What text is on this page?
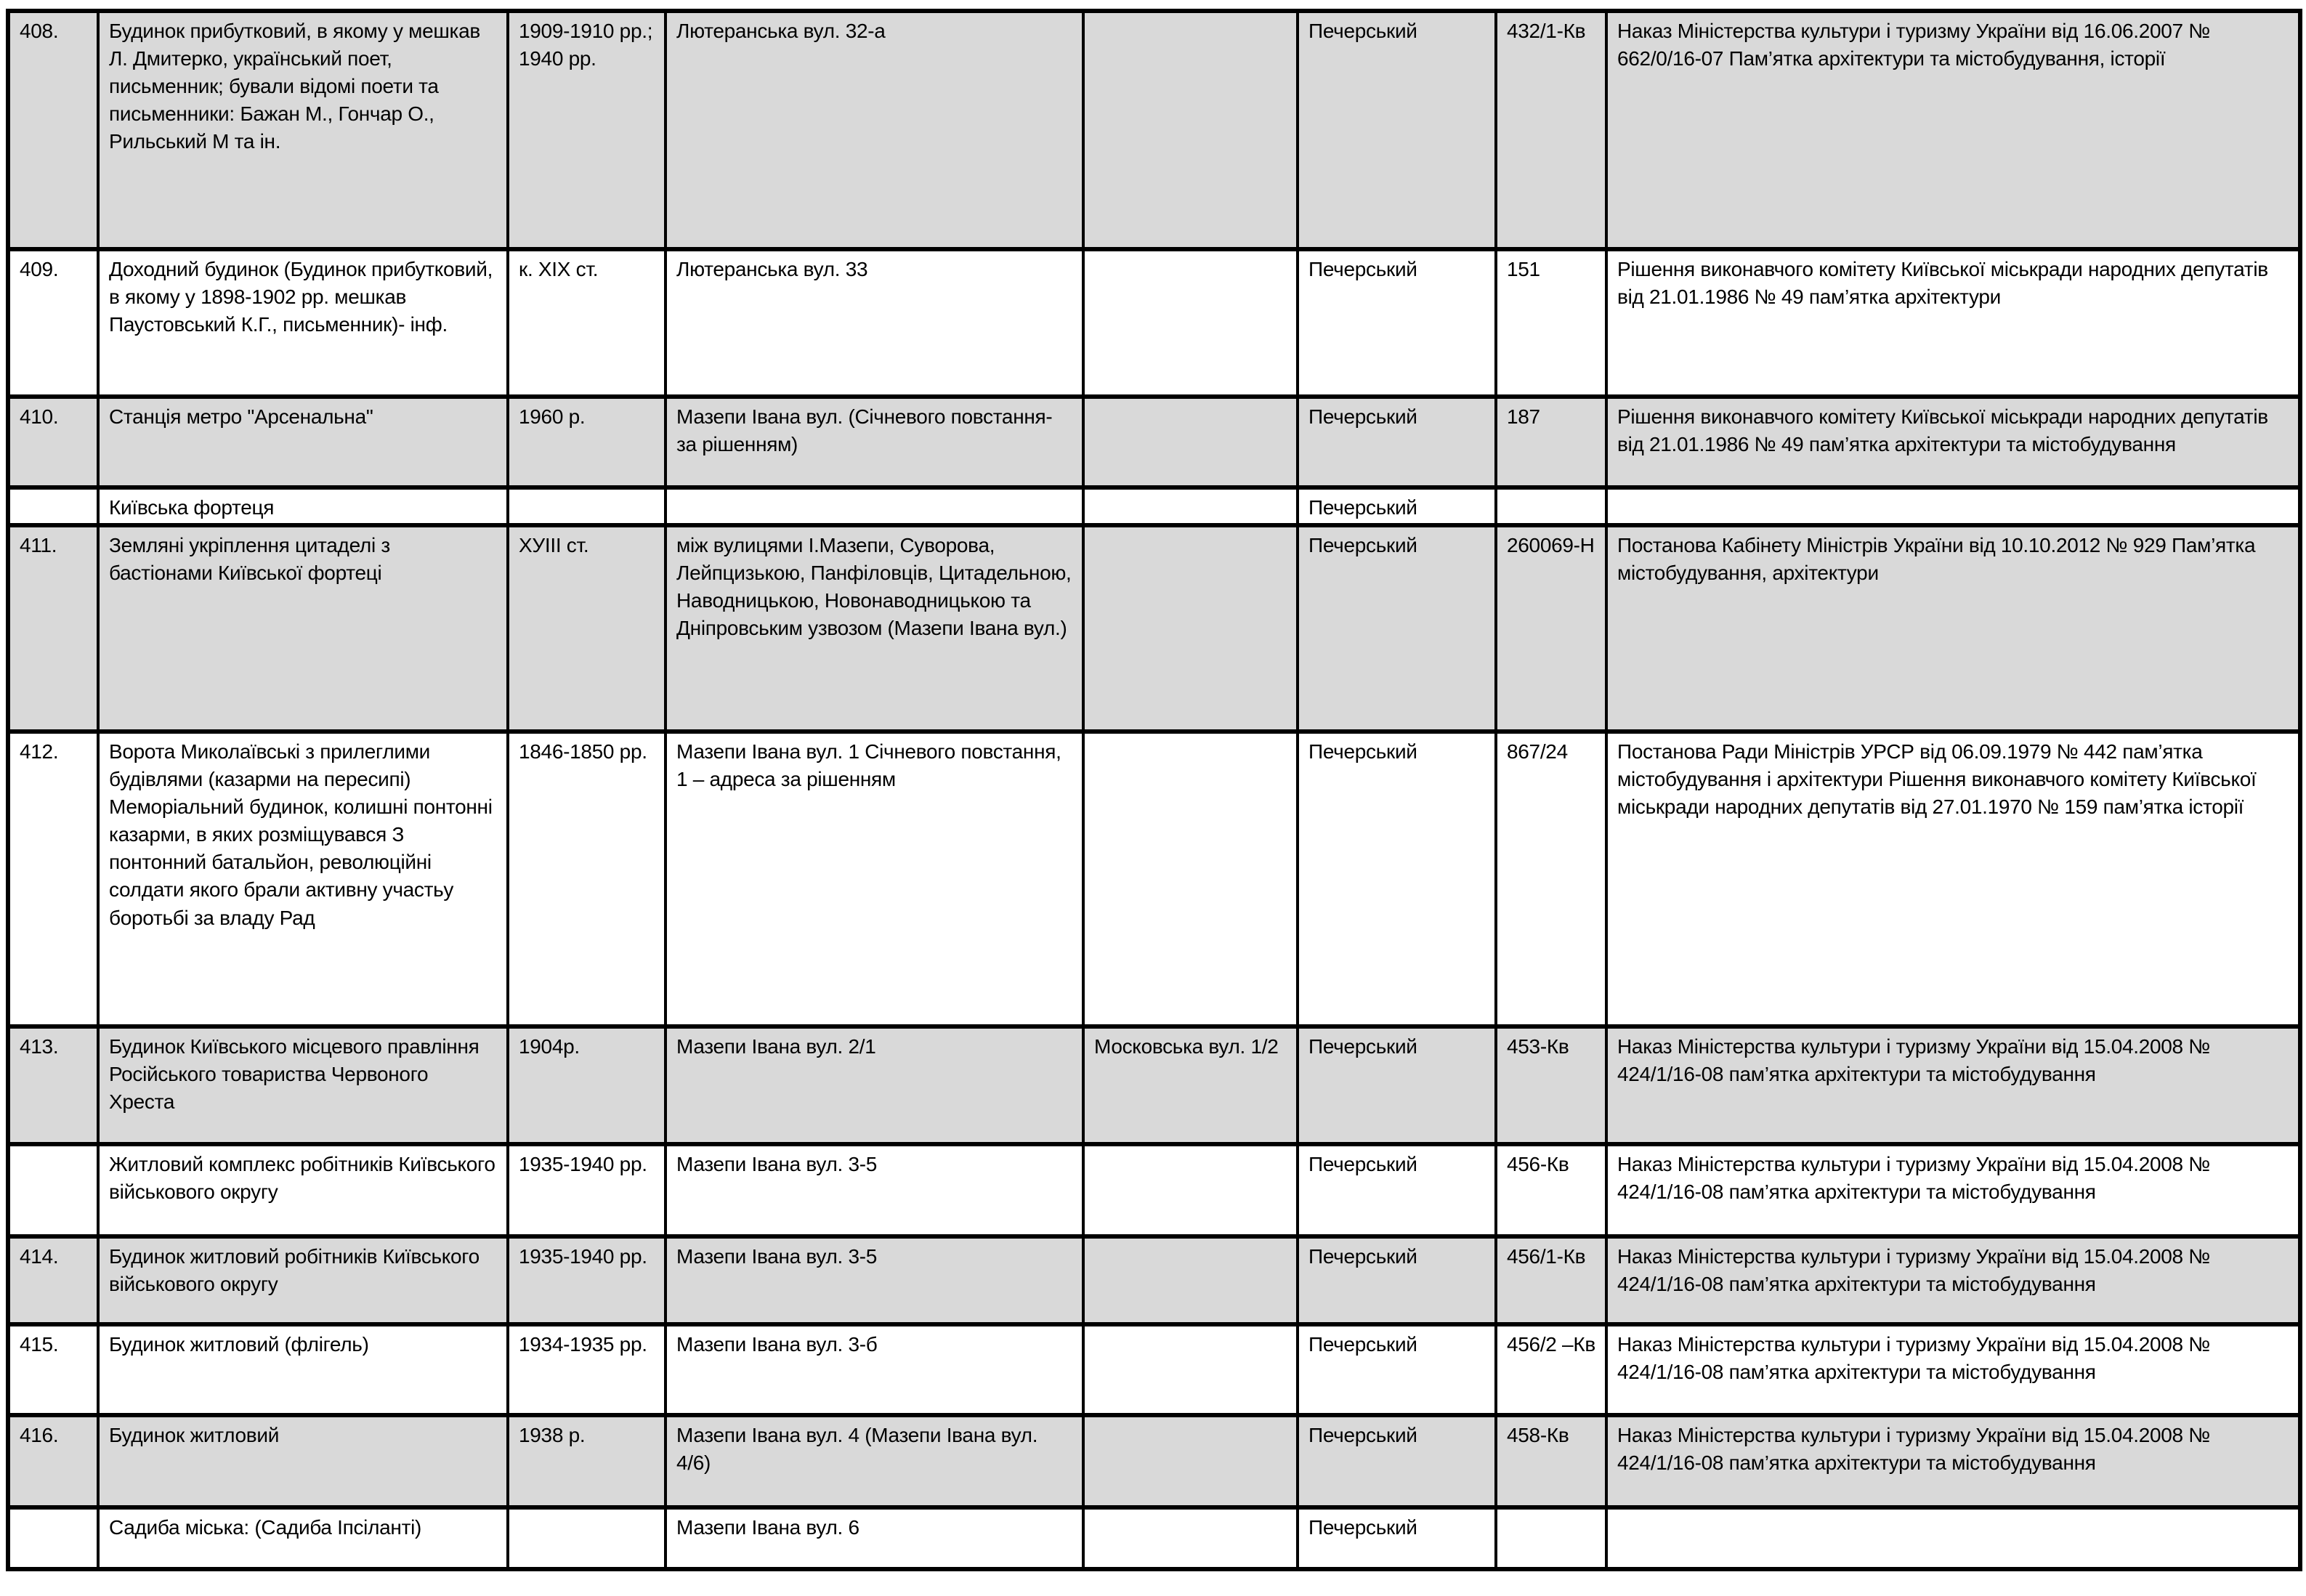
408.	Будинок прибутковий, в якому у мешкав Л. Дмитерко, український поет, письменник; бували відомі поети та письменники: Бажан М., Гончар О., Рильський М та ін.	1909-1910 рр.; 1940 рр.	Лютеранська вул. 32-а		Печерський	432/1-Кв	Наказ Міністерства культури і туризму України від 16.06.2007 № 662/0/16-07 Пам’ятка архітектури та містобудування, історії
409.	Доходний будинок (Будинок прибутковий, в якому у 1898-1902 рр. мешкав Паустовський К.Г., письменник)- інф.	к. ХІХ ст.	Лютеранська вул. 33		Печерський	151	Рішення виконавчого комітету Київської міськради народних депутатів від 21.01.1986 № 49 пам’ятка архітектури
410.	Станція метро "Арсенальна"	1960 р.	Мазепи Івана вул. (Січневого повстання- за рішенням)		Печерський	187	Рішення виконавчого комітету Київської міськради народних депутатів від 21.01.1986 № 49 пам’ятка архітектури та містобудування
	Київська фортеця				Печерський		
411.	Земляні укріплення цитаделі з бастіонами Київської фортеці	ХУІІІ ст.	між вулицями І.Мазепи, Суворова, Лейпцизькою, Панфіловців, Цитадельною, Наводницькою, Новонаводницькою та Дніпровським узвозом (Мазепи Івана вул.)		Печерський	260069-Н	Постанова Кабінету Міністрів України від 10.10.2012 № 929 Пам’ятка містобудування, архітектури
412.	Ворота Миколаївські з прилеглими будівлями (казарми на пересипі) Меморіальний будинок, колишні понтонні казарми, в яких розміщувався З понтонний батальйон, революційні солдати якого брали активну участьу боротьбі за владу Рад	1846-1850 рр.	Мазепи Івана вул. 1 Січневого повстання, 1 – адреса за рішенням		Печерський	867/24	Постанова Ради Міністрів УРСР від 06.09.1979 № 442 пам’ятка містобудування і архітектури Рішення виконавчого комітету Київської міськради народних депутатів від 27.01.1970 № 159 пам’ятка історії
413.	Будинок Київського місцевого правління Російського товариства Червоного Хреста	1904р.	Мазепи Івана вул. 2/1	Московська вул. 1/2	Печерський	453-Кв	Наказ Міністерства культури і туризму України від 15.04.2008 № 424/1/16-08 пам’ятка архітектури та містобудування
	Житловий комплекс робітників Київського військового округу	1935-1940 рр.	Мазепи Івана вул. 3-5		Печерський	456-Кв	Наказ Міністерства культури і туризму України від 15.04.2008 № 424/1/16-08 пам’ятка архітектури та містобудування
414.	Будинок житловий робітників Київського військового округу	1935-1940 рр.	Мазепи Івана вул. 3-5		Печерський	456/1-Кв	Наказ Міністерства культури і туризму України від 15.04.2008 № 424/1/16-08 пам’ятка архітектури та містобудування
415.	Будинок житловий (флігель)	1934-1935 рр.	Мазепи Івана вул. 3-б		Печерський	456/2 –Кв	Наказ Міністерства культури і туризму України від 15.04.2008 № 424/1/16-08 пам’ятка архітектури та містобудування
416.	Будинок житловий	1938 р.	Мазепи Івана вул. 4 (Мазепи Івана вул. 4/6)		Печерський	458-Кв	Наказ Міністерства культури і туризму України від 15.04.2008 № 424/1/16-08 пам’ятка архітектури та містобудування
	Садиба міська: (Садиба Іпсіланті)		Мазепи Івана вул. 6		Печерський		
